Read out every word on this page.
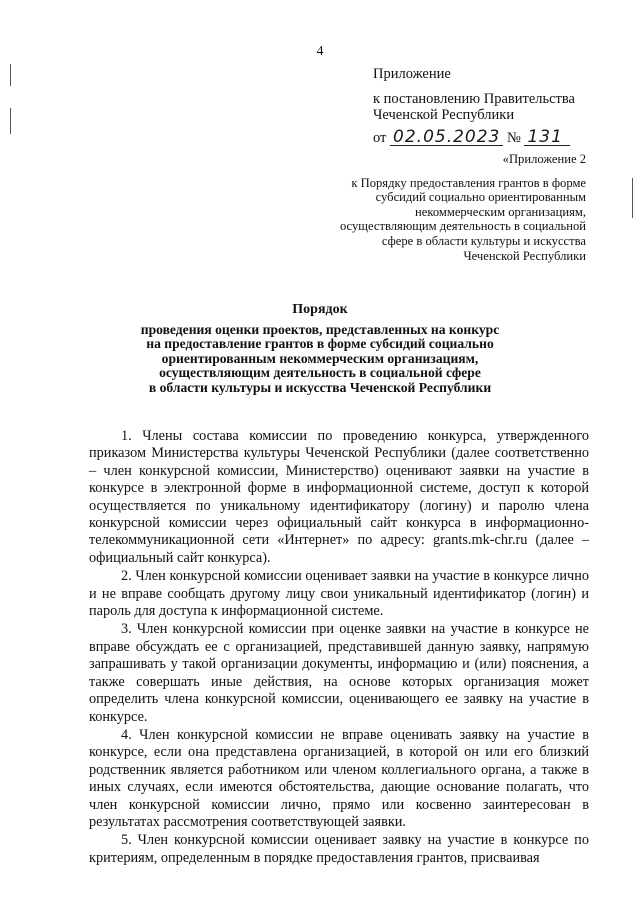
4
Приложение
к постановлению Правительства
Чеченской Республики
от 02.05.2023 № 131
«Приложение 2
к Порядку предоставления грантов в форме
субсидий социально ориентированным
некоммерческим организациям,
осуществляющим деятельность в социальной
сфере в области культуры и искусства
Чеченской Республики
Порядок
проведения оценки проектов, представленных на конкурс
на предоставление грантов в форме субсидий социально
ориентированным некоммерческим организациям,
осуществляющим деятельность в социальной сфере
в области культуры и искусства Чеченской Республики

1. Члены состава комиссии по проведению конкурса, утвержденного приказом Министерства культуры Чеченской Республики (далее соответственно – член конкурсной комиссии, Министерство) оценивают заявки на участие в конкурсе в электронной форме в информационной системе, доступ к которой осуществляется по уникальному идентификатору (логину) и паролю члена конкурсной комиссии через официальный сайт конкурса в информационно-телекоммуникационной сети «Интернет» по адресу: grants.mk-chr.ru (далее – официальный сайт конкурса).

2. Член конкурсной комиссии оценивает заявки на участие в конкурсе лично и не вправе сообщать другому лицу свои уникальный идентификатор (логин) и пароль для доступа к информационной системе.

3. Член конкурсной комиссии при оценке заявки на участие в конкурсе не вправе обсуждать ее с организацией, представившей данную заявку, напрямую запрашивать у такой организации документы, информацию и (или) пояснения, а также совершать иные действия, на основе которых организация может определить члена конкурсной комиссии, оценивающего ее заявку на участие в конкурсе.

4. Член конкурсной комиссии не вправе оценивать заявку на участие в конкурсе, если она представлена организацией, в которой он или его близкий родственник является работником или членом коллегиального органа, а также в иных случаях, если имеются обстоятельства, дающие основание полагать, что член конкурсной комиссии лично, прямо или косвенно заинтересован в результатах рассмотрения соответствующей заявки.

5. Член конкурсной комиссии оценивает заявку на участие в конкурсе по критериям, определенным в порядке предоставления грантов, присваивая
